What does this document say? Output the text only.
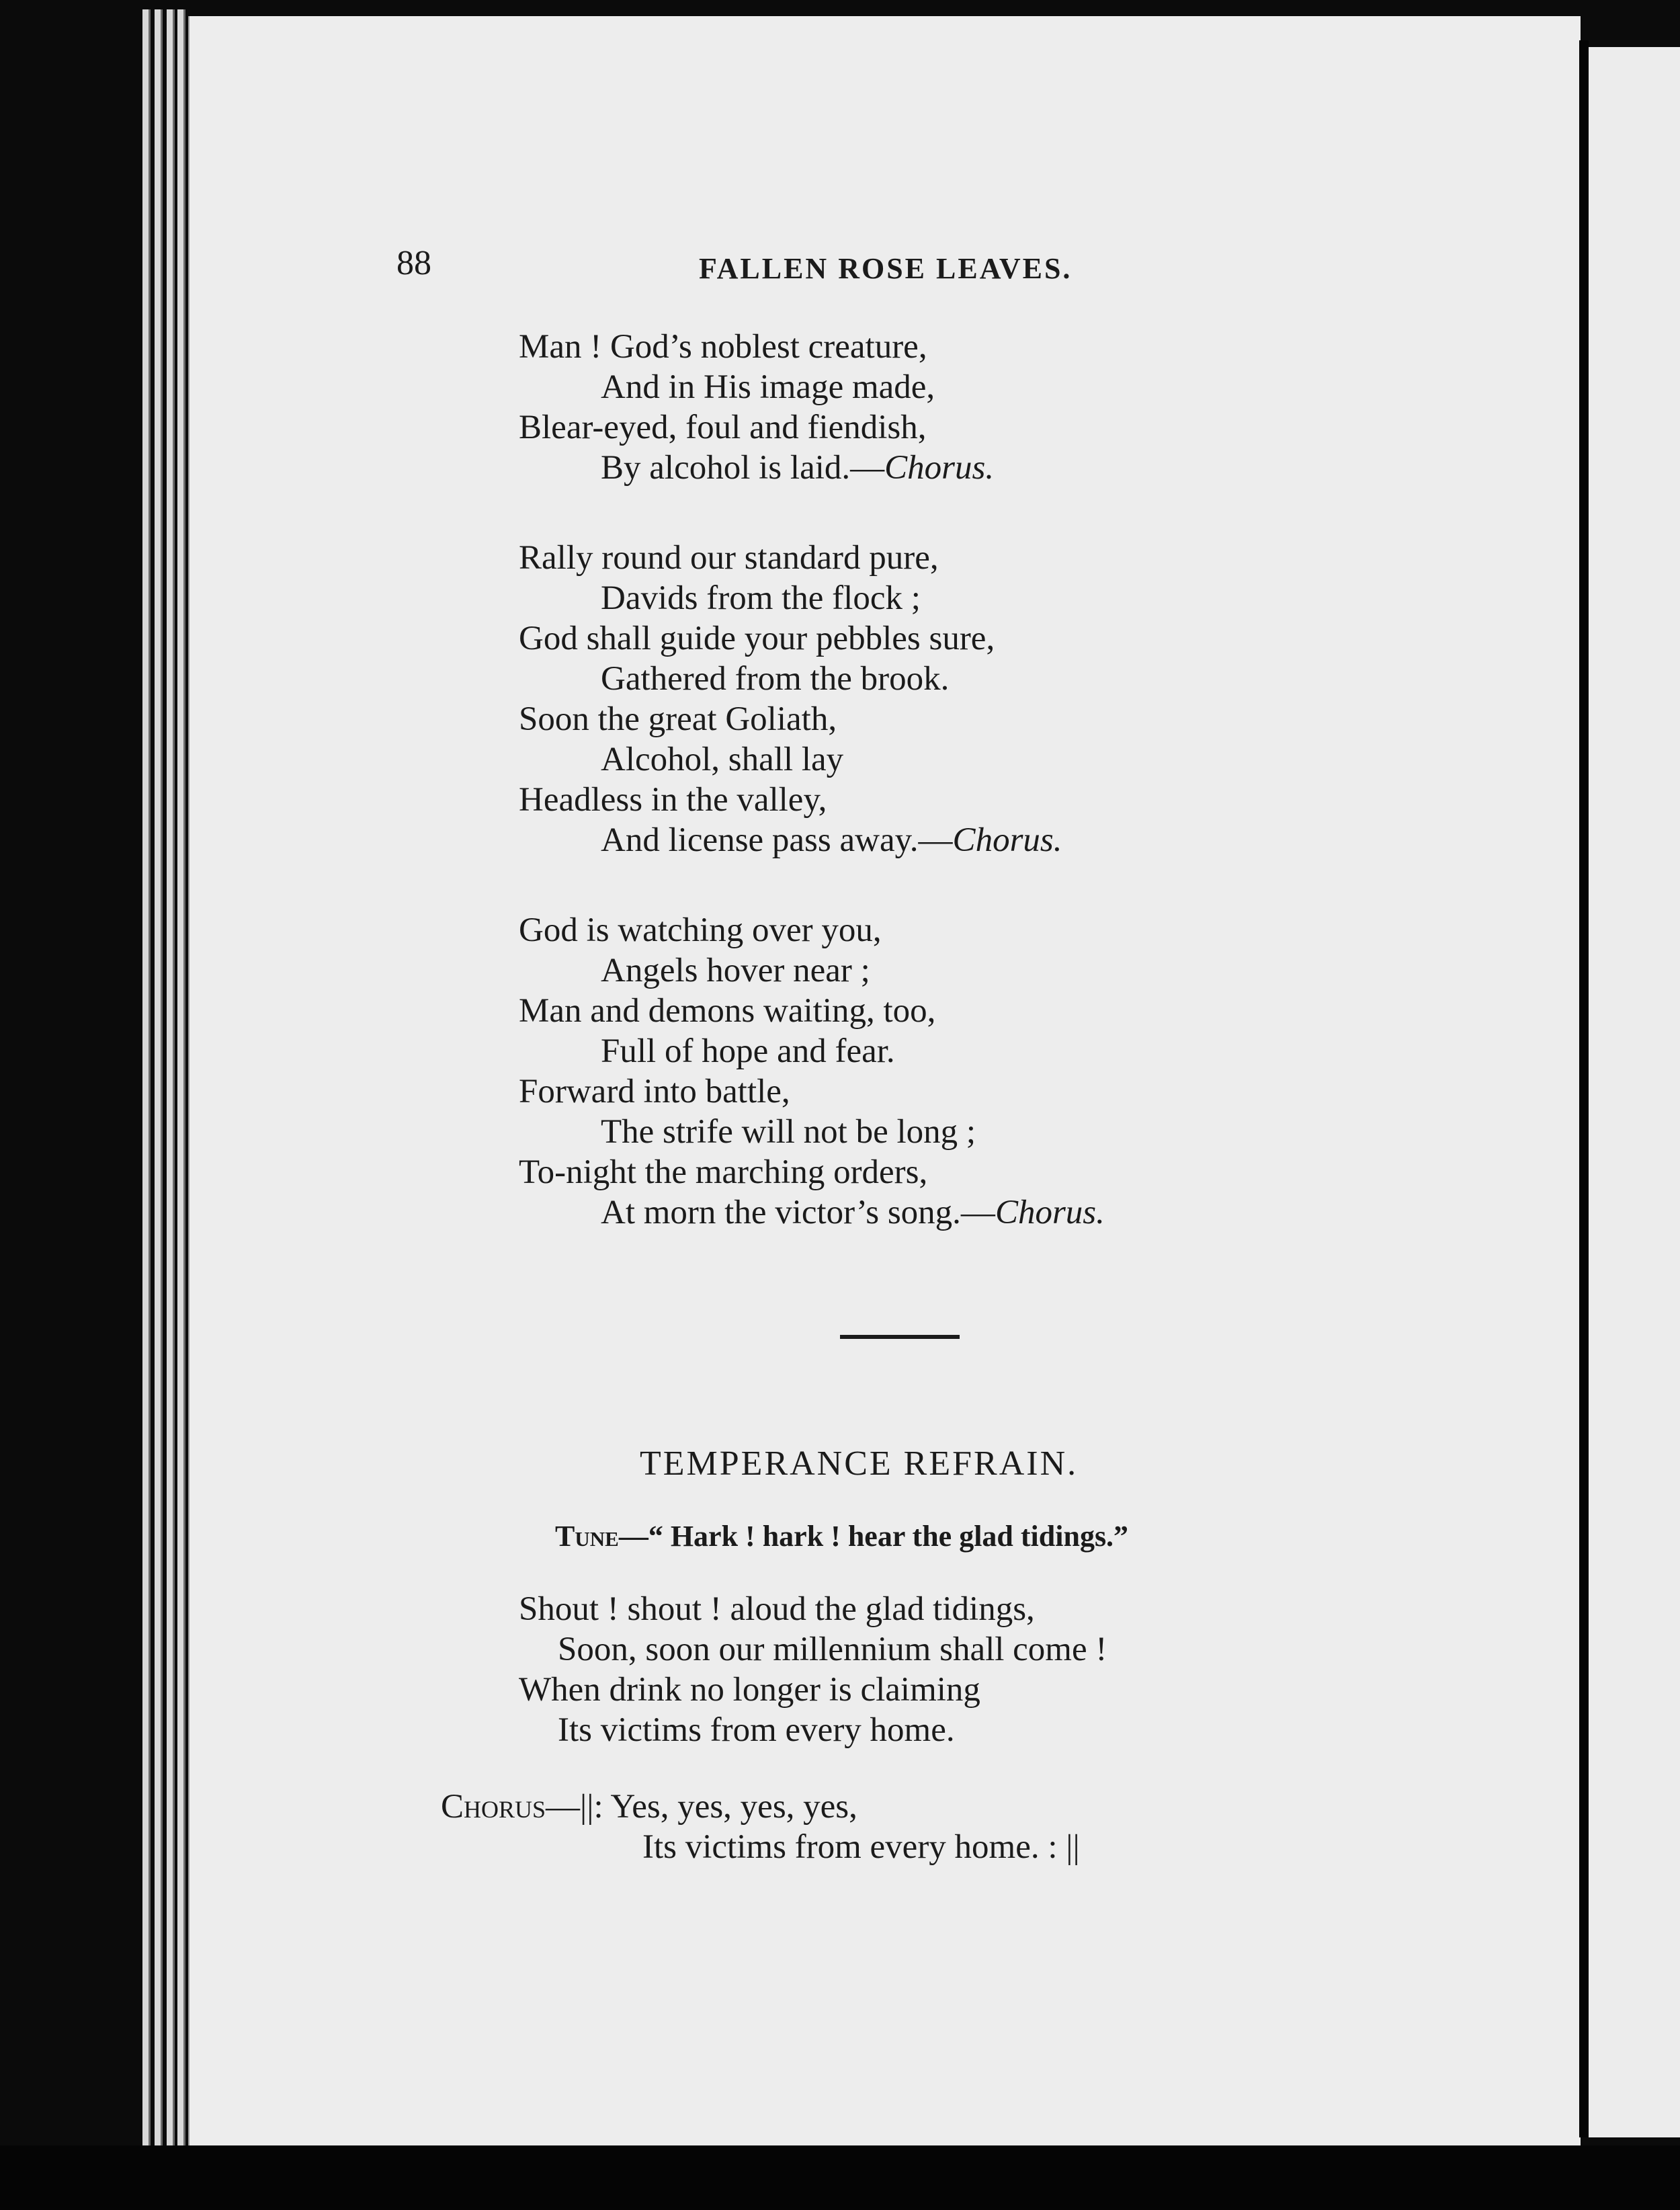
88	FALLEN ROSE LEAVES.
Man ! God’s noblest creature,
And in His image made,
Blear-eyed, foul and fiendish,
By alcohol is laid.—Chorus.
Rally round our standard pure,
Davids from the flock ;
God shall guide your pebbles sure,
Gathered from the brook.
Soon the great Goliath,
Alcohol, shall lay
Headless in the valley,
And license pass away.—Chorus.
God is watching over you,
Angels hover near ;
Man and demons waiting, too,
Full of hope and fear.
Forward into battle,
The strife will not be long ;
To-night the marching orders,
At morn the victor’s song.—Chorus.
TEMPERANCE REFRAIN.
Tune—“ Hark ! hark ! hear the glad tidings.”
Shout ! shout ! aloud the glad tidings,
Soon, soon our millennium shall come !
When drink no longer is claiming
Its victims from every home.
Chorus—||: Yes, yes, yes, yes,
Its victims from every home. : ||
